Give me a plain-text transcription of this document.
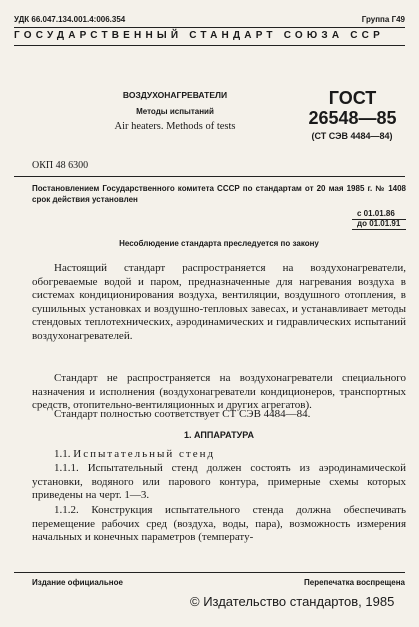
УДК 66.047.134.001.4:006.354	Группа Г49
ГОСУДАРСТВЕННЫЙ СТАНДАРТ СОЮЗА ССР
ВОЗДУХОНАГРЕВАТЕЛИ
Методы испытаний
Air heaters. Methods of tests
ГОСТ
26548—85
(СТ СЭВ 4484—84)
ОКП 48 6300
Постановлением Государственного комитета СССР по стандартам от 20 мая 1985 г. № 1408 срок действия установлен
с 01.01.86
до 01.01.91
Несоблюдение стандарта преследуется по закону
Настоящий стандарт распространяется на воздухонагреватели, обогреваемые водой и паром, предназначенные для нагревания воздуха в системах кондиционирования воздуха, вентиляции, воздушного отопления, в сушильных установках и воздушно-тепловых завесах, и устанавливает методы стендовых теплотехнических, аэродинамических и гидравлических испытаний воздухонагревателей.
Стандарт не распространяется на воздухонагреватели специального назначения и исполнения (воздухонагреватели кондиционеров, транспортных средств, отопительно-вентиляционных и других агрегатов).
Стандарт полностью соответствует СТ СЭВ 4484—84.
1. АППАРАТУРА
1.1. Испытательный стенд
1.1.1. Испытательный стенд должен состоять из аэродинамической установки, водяного или парового контура, примерные схемы которых приведены на черт. 1—3.
1.1.2. Конструкция испытательного стенда должна обеспечивать перемещение рабочих сред (воздуха, воды, пара), возможность измерения начальных и конечных параметров (температу-
Издание официальное	Перепечатка воспрещена
© Издательство стандартов, 1985
